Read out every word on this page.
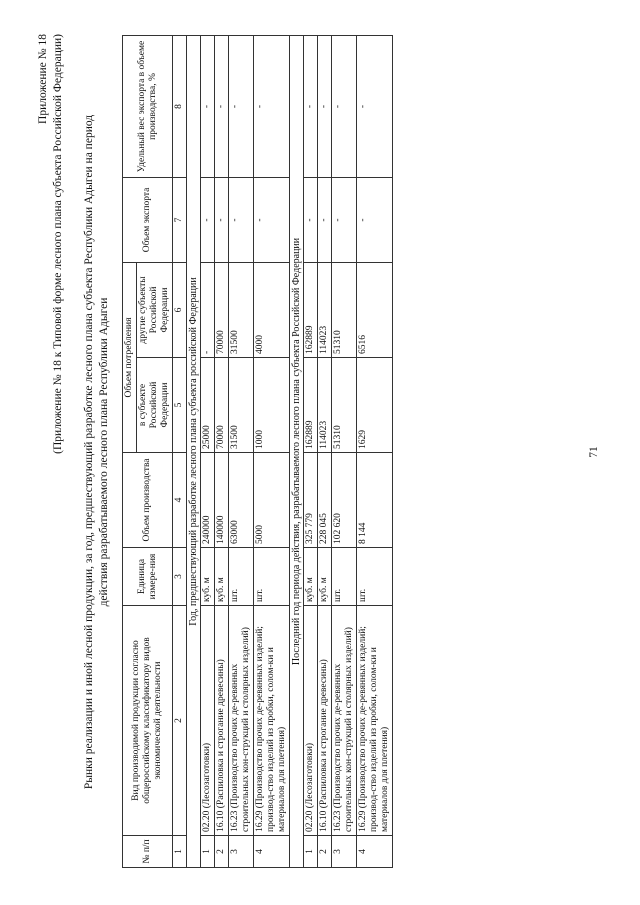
Приложение № 18 (Приложение № 18 к Типовой форме лесного плана субъекта Российской Федерации) Рынки реализации и иной лесной продукции, за год, предшествующий разработке лесного плана субъекта Республики Адыгеи на период действия разрабатываемого лесного плана Республики Адыгеи
№ п/п	Вид производимой продукции согласно общероссийскому классификатору видов экономической деятельности	Единица измере-ния	Объем производства	Объем потребления		Объем экспорта	Удельный вес экспорта в объеме производства, %
				в субъекте Российской Федерации	другие субъекты Российской Федерации		
1	2	3	4	5	6	7	8
Год, предшествующий разработке лесного плана субъекта российской Федерации							
1	02.20 (Лесозаготовки)	куб. м	240000	25000	-	-	-
2	16.10 (Распиловка и строгание древесины)	куб. м	140000	70000	70000	-	-
3	16.23 (Производство прочих де-ревянных строительных кон-струкций и столярных изделий)	шт.	63000	31500	31500	-	-
4	16.29 (Производство прочих де-ревянных изделий; производ-ство изделий из пробки, солом-ки и материалов для плетения)	шт.	5000	1000	4000	-	-
Последний год периода действия, разрабатываемого лесного плана субъекта Российской Федерации							
1	02.20 (Лесозаготовки)	куб. м	325 779	162889	162889	-	-
2	16.10 (Распиловка и строгание древесины)	куб. м	228 045	114023	114023	-	-
3	16.23 (Производство прочих де-ревянных строительных кон-струкций и столярных изделий)	шт.	102 620	51310	51310	-	-
4	16.29 (Производство прочих де-ревянных изделий; производ-ство изделий из пробки, солом-ки и материалов для плетения)	шт.	8 144	1629	6516	-	-
71
